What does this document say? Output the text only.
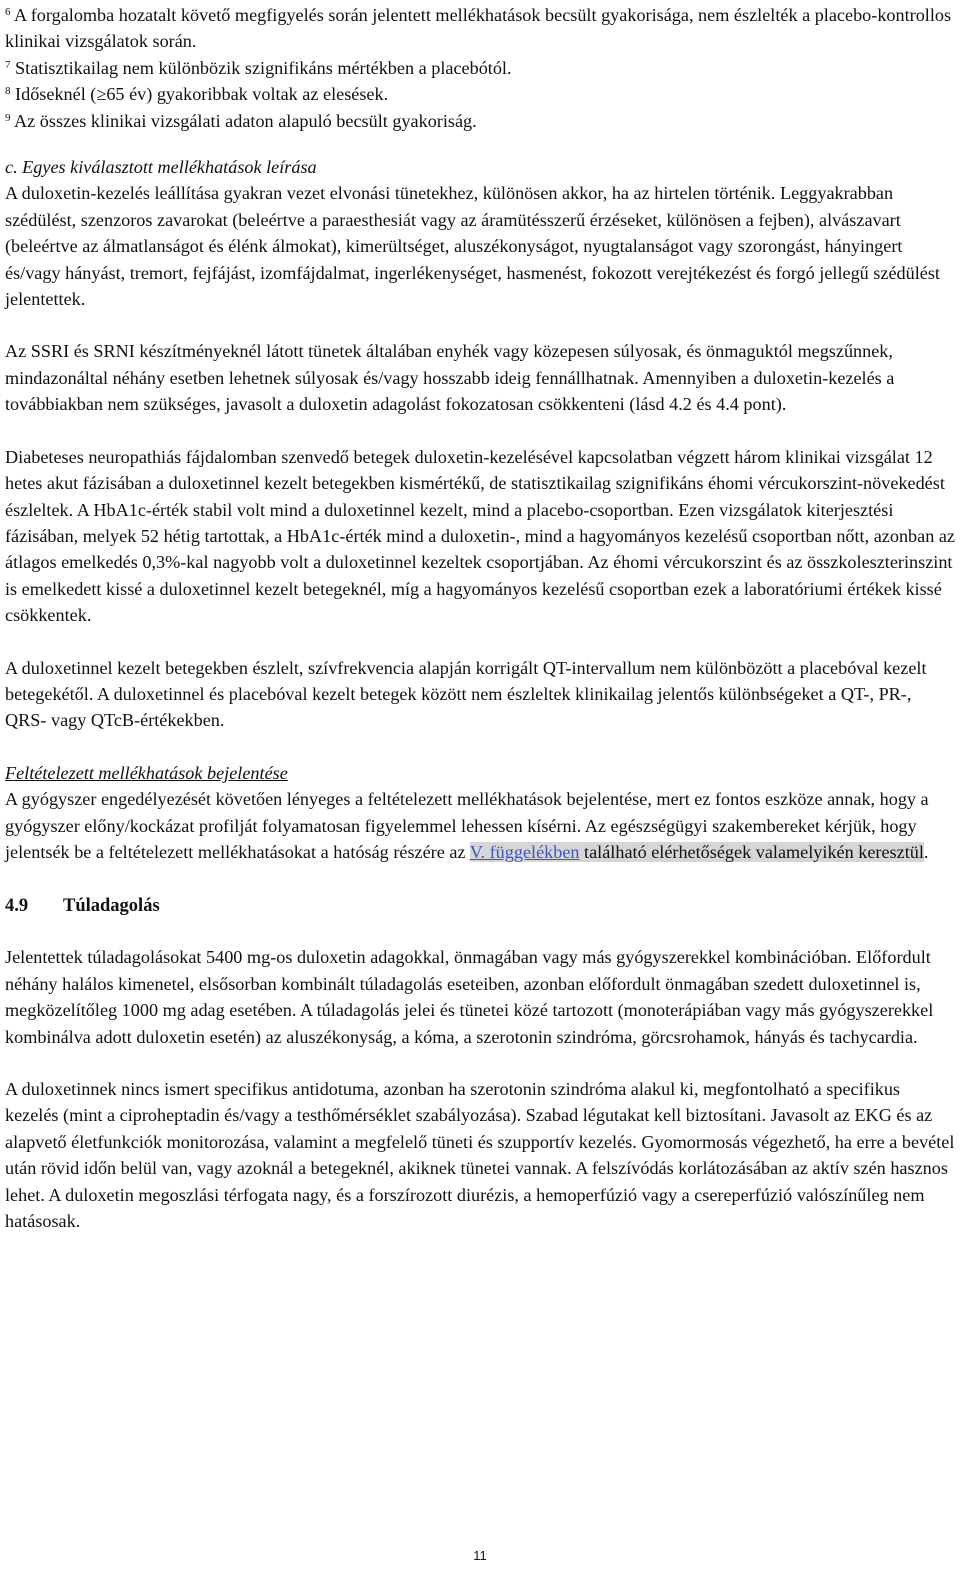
$^6$ A forgalomba hozatalt követő megfigyelés során jelentett mellékhatások becsült gyakorisága, nem észlelték a placebo-kontrollos klinikai vizsgálatok során.

$^7$ Statisztikailag nem különbözik szignifikáns mértékben a placebótól.

$^8$ Időseknél (≥65 év) gyakoribbak voltak az elesések.

$^9$ Az összes klinikai vizsgálati adaton alapuló becsült gyakoriság.

c. Egyes kiválasztott mellékhatások leírása

A duloxetin-kezelés leállítása gyakran vezet elvonási tünetekhez, különösen akkor, ha az hirtelen történik. Leggyakrabban szédülést, szenzoros zavarokat (beleértve a paraesthesiát vagy az áramütésszerű érzéseket, különösen a fejben), alvászavart (beleértve az álmatlanságot és élénk álmokat), kimerültséget, aluszékonyságot, nyugtalanságot vagy szorongást, hányingert és/vagy hányást, tremort, fejfájást, izomfájdalmat, ingerlékenységet, hasmenést, fokozott verejtékezést és forgó jellegű szédülést jelentettek.

Az SSRI és SRNI készítményeknél látott tünetek általában enyhék vagy közepesen súlyosak, és önmaguktól megszűnnek, mindazonáltal néhány esetben lehetnek súlyosak és/vagy hosszabb ideig fennállhatnak. Amennyiben a duloxetin-kezelés a továbbiakban nem szükséges, javasolt a duloxetin adagolást fokozatosan csökkenteni (lásd 4.2 és 4.4 pont).

Diabeteses neuropathiás fájdalomban szenvedő betegek duloxetin-kezelésével kapcsolatban végzett három klinikai vizsgálat 12 hetes akut fázisában a duloxetinnel kezelt betegekben kismértékű, de statisztikailag szignifikáns éhomi vércukorszint-növekedést észleltek. A HbA1c-érték stabil volt mind a duloxetinnel kezelt, mind a placebo-csoportban. Ezen vizsgálatok kiterjesztési fázisában, melyek 52 hétig tartottak, a HbA1c-érték mind a duloxetin-, mind a hagyományos kezelésű csoportban nőtt, azonban az átlagos emelkedés 0,3%-kal nagyobb volt a duloxetinnel kezeltek csoportjában. Az éhomi vércukorszint és az összkoleszterinszint is emelkedett kissé a duloxetinnel kezelt betegeknél, míg a hagyományos kezelésű csoportban ezek a laboratóriumi értékek kissé csökkentek.

A duloxetinnel kezelt betegekben észlelt, szívfrekvencia alapján korrigált QT-intervallum nem különbözött a placebóval kezelt betegekétől. A duloxetinnel és placebóval kezelt betegek között nem észleltek klinikailag jelentős különbségeket a QT-, PR-, QRS- vagy QTcB-értékekben.

Feltételezett mellékhatások bejelentése

A gyógyszer engedélyezését követően lényeges a feltételezett mellékhatások bejelentése, mert ez fontos eszköze annak, hogy a gyógyszer előny/kockázat profilját folyamatosan figyelemmel lehessen kísérni. Az egészségügyi szakembereket kérjük, hogy jelentsék be a feltételezett mellékhatásokat a hatóság részére az V. függelékben található elérhetőségek valamelyikén keresztül.

4.9 Túladagolás

Jelentettek túladagolásokat 5400 mg-os duloxetin adagokkal, önmagában vagy más gyógyszerekkel kombinációban. Előfordult néhány halálos kimenetel, elsősorban kombinált túladagolás eseteiben, azonban előfordult önmagában szedett duloxetinnel is, megközelítőleg 1000 mg adag esetében. A túladagolás jelei és tünetei közé tartozott (monoterápiában vagy más gyógyszerekkel kombinálva adott duloxetin esetén) az aluszékonyság, a kóma, a szerotonin szindróma, görcsrohamok, hányás és tachycardia.

A duloxetinnek nincs ismert specifikus antidotuma, azonban ha szerotonin szindróma alakul ki, megfontolható a specifikus kezelés (mint a ciproheptadin és/vagy a testhőmérséklet szabályozása). Szabad légutakat kell biztosítani. Javasolt az EKG és az alapvető életfunkciók monitorozása, valamint a megfelelő tüneti és szupportív kezelés. Gyomormosás végezhető, ha erre a bevétel után rövid időn belül van, vagy azoknál a betegeknél, akiknek tünetei vannak. A felszívódás korlátozásában az aktív szén hasznos lehet. A duloxetin megoszlási térfogata nagy, és a forszírozott diurézis, a hemoperfúzió vagy a csereperfúzió valószínűleg nem hatásosak.

11
